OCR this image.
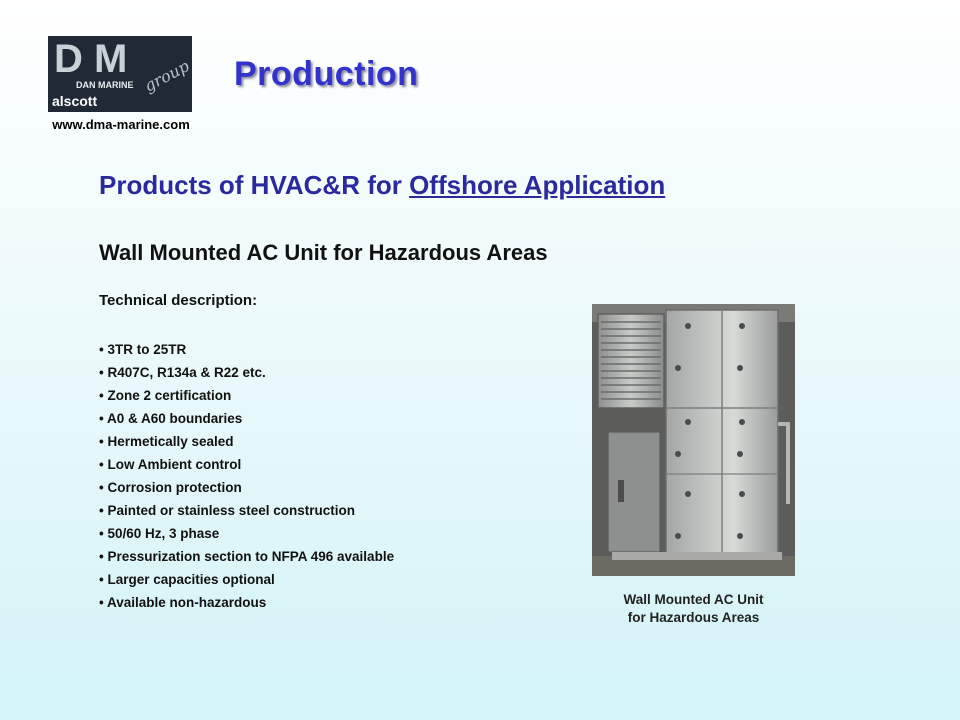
D M
DAN MARINE
alscott
group
www.dma-marine.com
Production
Products of HVAC&R for Offshore Application
Wall Mounted AC Unit for Hazardous Areas
Technical description:
• 3TR to 25TR
• R407C, R134a & R22 etc.
• Zone 2 certification
• A0 & A60 boundaries
• Hermetically sealed
• Low Ambient control
• Corrosion protection
• Painted or stainless steel construction
• 50/60 Hz, 3 phase
• Pressurization section to NFPA 496 available
• Larger capacities optional
• Available non-hazardous	Wall Mounted AC Unit
for Hazardous Areas
